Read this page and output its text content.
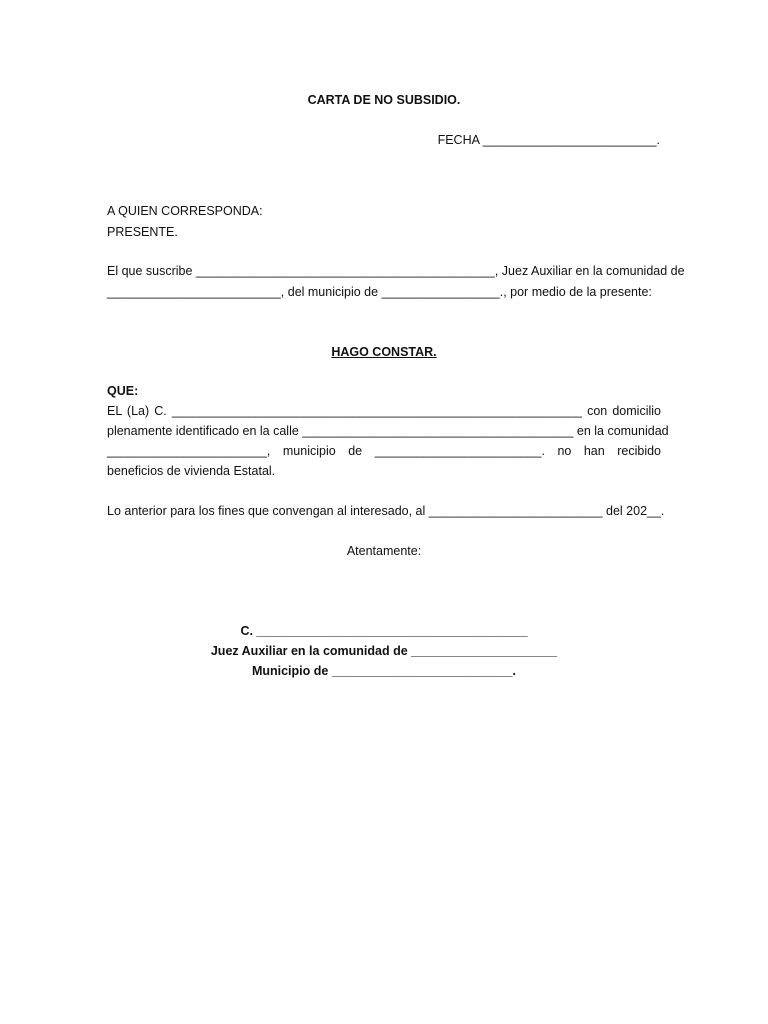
CARTA DE NO SUBSIDIO.

FECHA _________________________.

A QUIEN CORRESPONDA:

PRESENTE.

El que suscribe ___________________________________________, Juez Auxiliar en la comunidad de

_________________________, del municipio de _________________., por medio de la presente:

HAGO CONSTAR.

QUE:

EL (La) C. ___________________________________________________________ con domicilio

plenamente identificado en la calle _______________________________________ en la comunidad

_______________________, municipio de ________________________. no han recibido

beneficios de vivienda Estatal.

Lo anterior para los fines que convengan al interesado, al _________________________ del 202__.

Atentamente:

C. _______________________________________

Juez Auxiliar en la comunidad de _____________________

Municipio de __________________________.
